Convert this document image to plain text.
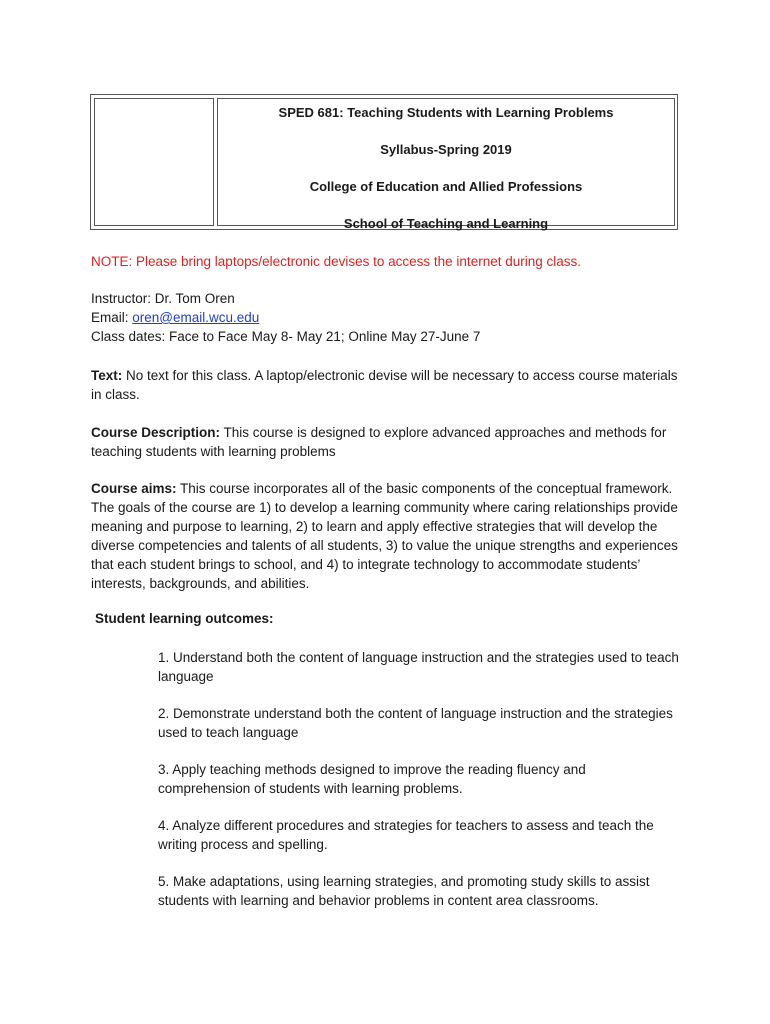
SPED 681: Teaching Students with Learning Problems
Syllabus-Spring 2019
College of Education and Allied Professions
School of Teaching and Learning
NOTE: Please bring laptops/electronic devises to access the internet during class.
Instructor: Dr. Tom Oren
Email: oren@email.wcu.edu
Class dates: Face to Face May 8- May 21; Online May 27-June 7
Text: No text for this class. A laptop/electronic devise will be necessary to access course materials in class.
Course Description: This course is designed to explore advanced approaches and methods for teaching students with learning problems
Course aims: This course incorporates all of the basic components of the conceptual framework. The goals of the course are 1) to develop a learning community where caring relationships provide meaning and purpose to learning, 2) to learn and apply effective strategies that will develop the diverse competencies and talents of all students, 3) to value the unique strengths and experiences that each student brings to school, and 4) to integrate technology to accommodate students’ interests, backgrounds, and abilities.
Student learning outcomes:
1. Understand both the content of language instruction and the strategies used to teach language
2. Demonstrate understand both the content of language instruction and the strategies used to teach language
3. Apply teaching methods designed to improve the reading fluency and comprehension of students with learning problems.
4. Analyze different procedures and strategies for teachers to assess and teach the writing process and spelling.
5. Make adaptations, using learning strategies, and promoting study skills to assist students with learning and behavior problems in content area classrooms.
